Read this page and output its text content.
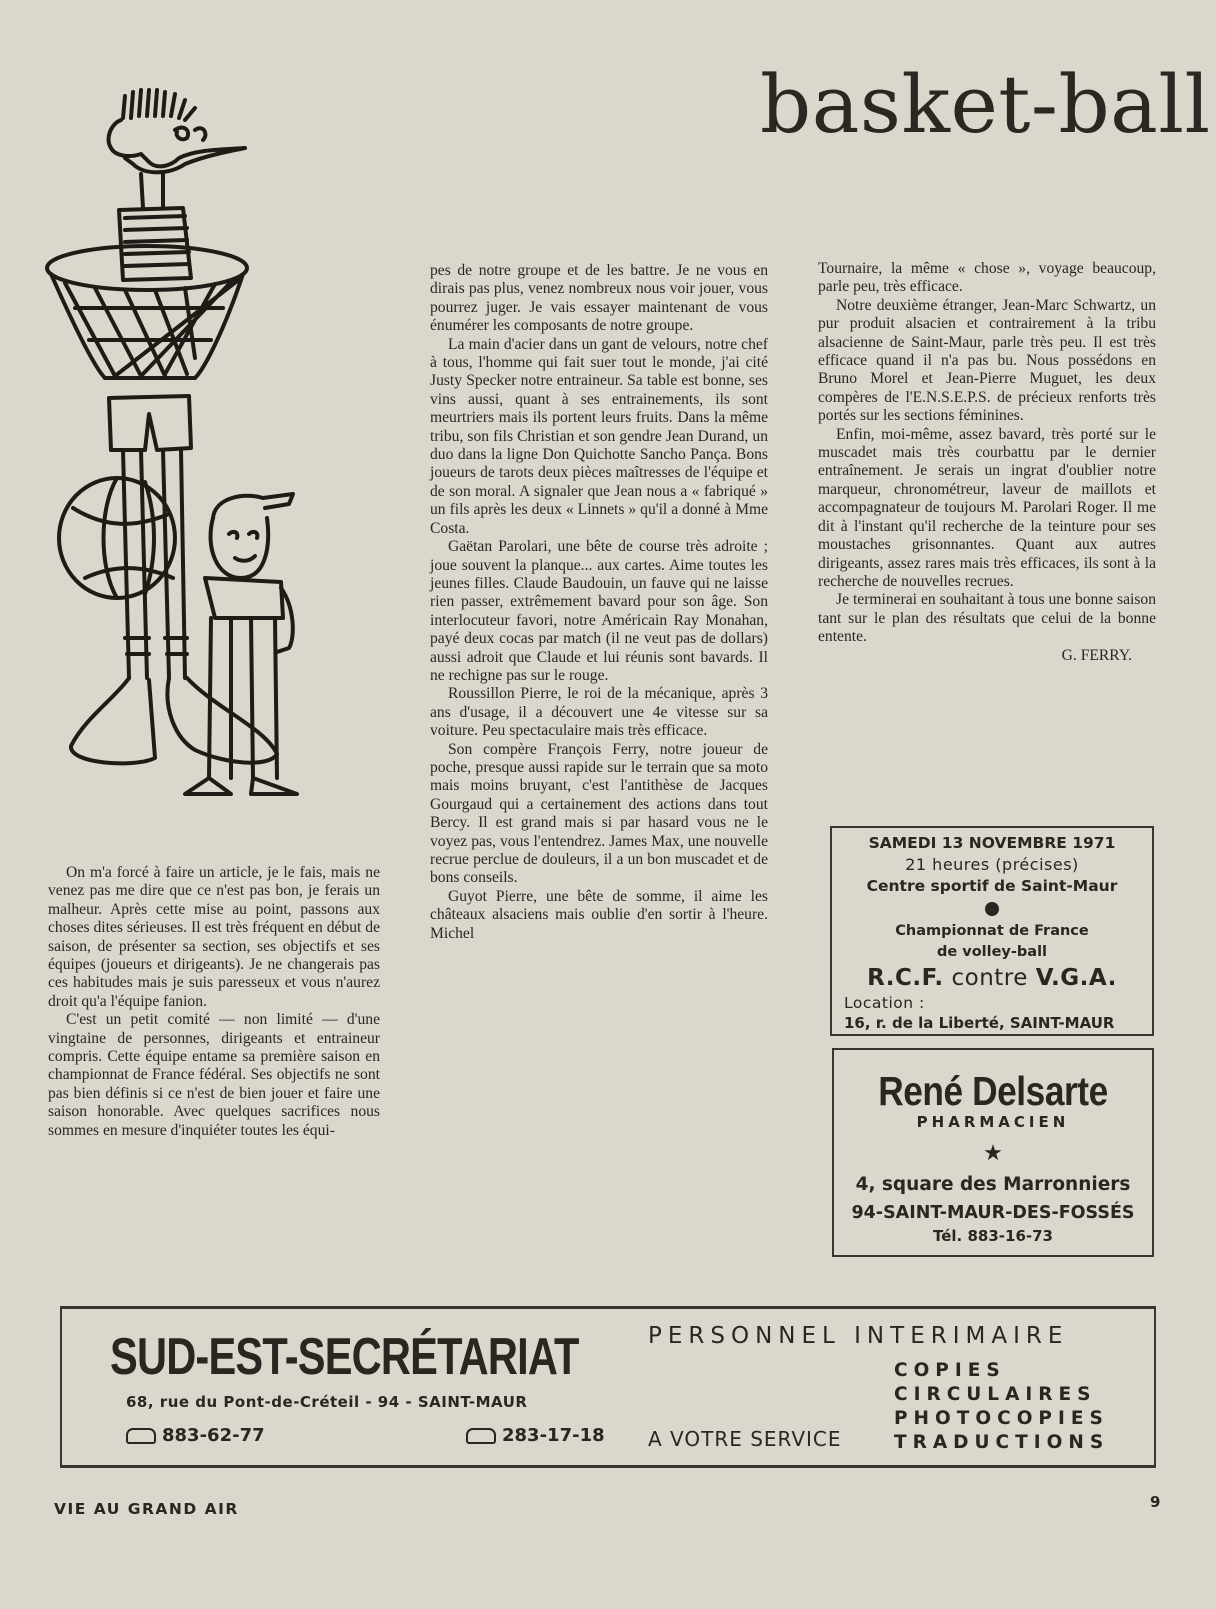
basket-ball

On m'a forcé à faire un article, je le fais, mais ne venez pas me dire que ce n'est pas bon, je ferais un malheur. Après cette mise au point, passons aux choses dites sérieuses. Il est très fréquent en début de saison, de présenter sa section, ses objectifs et ses équipes (joueurs et dirigeants). Je ne changerais pas ces habitudes mais je suis paresseux et vous n'aurez droit qu'a l'équipe fanion.

C'est un petit comité — non limité — d'une vingtaine de personnes, dirigeants et entraineur compris. Cette équipe entame sa première saison en championnat de France fédéral. Ses objectifs ne sont pas bien définis si ce n'est de bien jouer et faire une saison honorable. Avec quelques sacrifices nous sommes en mesure d'inquiéter toutes les équi-

pes de notre groupe et de les battre. Je ne vous en dirais pas plus, venez nombreux nous voir jouer, vous pourrez juger. Je vais essayer maintenant de vous énumérer les composants de notre groupe.

La main d'acier dans un gant de velours, notre chef à tous, l'homme qui fait suer tout le monde, j'ai cité Justy Specker notre entraineur. Sa table est bonne, ses vins aussi, quant à ses entrainements, ils sont meurtriers mais ils portent leurs fruits. Dans la même tribu, son fils Christian et son gendre Jean Durand, un duo dans la ligne Don Quichotte Sancho Pança. Bons joueurs de tarots deux pièces maîtresses de l'équipe et de son moral. A signaler que Jean nous a « fabriqué » un fils après les deux « Linnets » qu'il a donné à Mme Costa.

Gaëtan Parolari, une bête de course très adroite ; joue souvent la planque... aux cartes. Aime toutes les jeunes filles. Claude Baudouin, un fauve qui ne laisse rien passer, extrêmement bavard pour son âge. Son interlocuteur favori, notre Américain Ray Monahan, payé deux cocas par match (il ne veut pas de dollars) aussi adroit que Claude et lui réunis sont bavards. Il ne rechigne pas sur le rouge.

Roussillon Pierre, le roi de la mécanique, après 3 ans d'usage, il a découvert une 4e vitesse sur sa voiture. Peu spectaculaire mais très efficace.

Son compère François Ferry, notre joueur de poche, presque aussi rapide sur le terrain que sa moto mais moins bruyant, c'est l'antithèse de Jacques Gourgaud qui a certainement des actions dans tout Bercy. Il est grand mais si par hasard vous ne le voyez pas, vous l'entendrez. James Max, une nouvelle recrue perclue de douleurs, il a un bon muscadet et de bons conseils.

Guyot Pierre, une bête de somme, il aime les châteaux alsaciens mais oublie d'en sortir à l'heure. Michel

Tournaire, la même « chose », voyage beaucoup, parle peu, très efficace.

Notre deuxième étranger, Jean-Marc Schwartz, un pur produit alsacien et contrairement à la tribu alsacienne de Saint-Maur, parle très peu. Il est très efficace quand il n'a pas bu. Nous possédons en Bruno Morel et Jean-Pierre Muguet, les deux compères de l'E.N.S.E.P.S. de précieux renforts très portés sur les sections féminines.

Enfin, moi-même, assez bavard, très porté sur le muscadet mais très courbattu par le dernier entraînement. Je serais un ingrat d'oublier notre marqueur, chronométreur, laveur de maillots et accompagnateur de toujours M. Parolari Roger. Il me dit à l'instant qu'il recherche de la teinture pour ses moustaches grisonnantes. Quant aux autres dirigeants, assez rares mais très efficaces, ils sont à la recherche de nouvelles recrues.

Je terminerai en souhaitant à tous une bonne saison tant sur le plan des résultats que celui de la bonne entente.

G. FERRY.

SAMEDI 13 NOVEMBRE 1971
21 heures (précises)
Centre sportif de Saint-Maur
Championnat de France
de volley-ball
R.C.F. contre V.G.A.
Location :
16, r. de la Liberté, SAINT-MAUR
René Delsarte
PHARMACIEN
★
4, square des Marronniers
94-SAINT-MAUR-DES-FOSSÉS
Tél. 883-16-73
SUD-EST-SECRÉTARIAT
68, rue du Pont-de-Créteil - 94 - SAINT-MAUR
883-62-77	283-17-18
PERSONNEL INTERIMAIRE
A VOTRE SERVICE
COPIES
CIRCULAIRES
PHOTOCOPIES
TRADUCTIONS
VIE AU GRAND AIR	9
